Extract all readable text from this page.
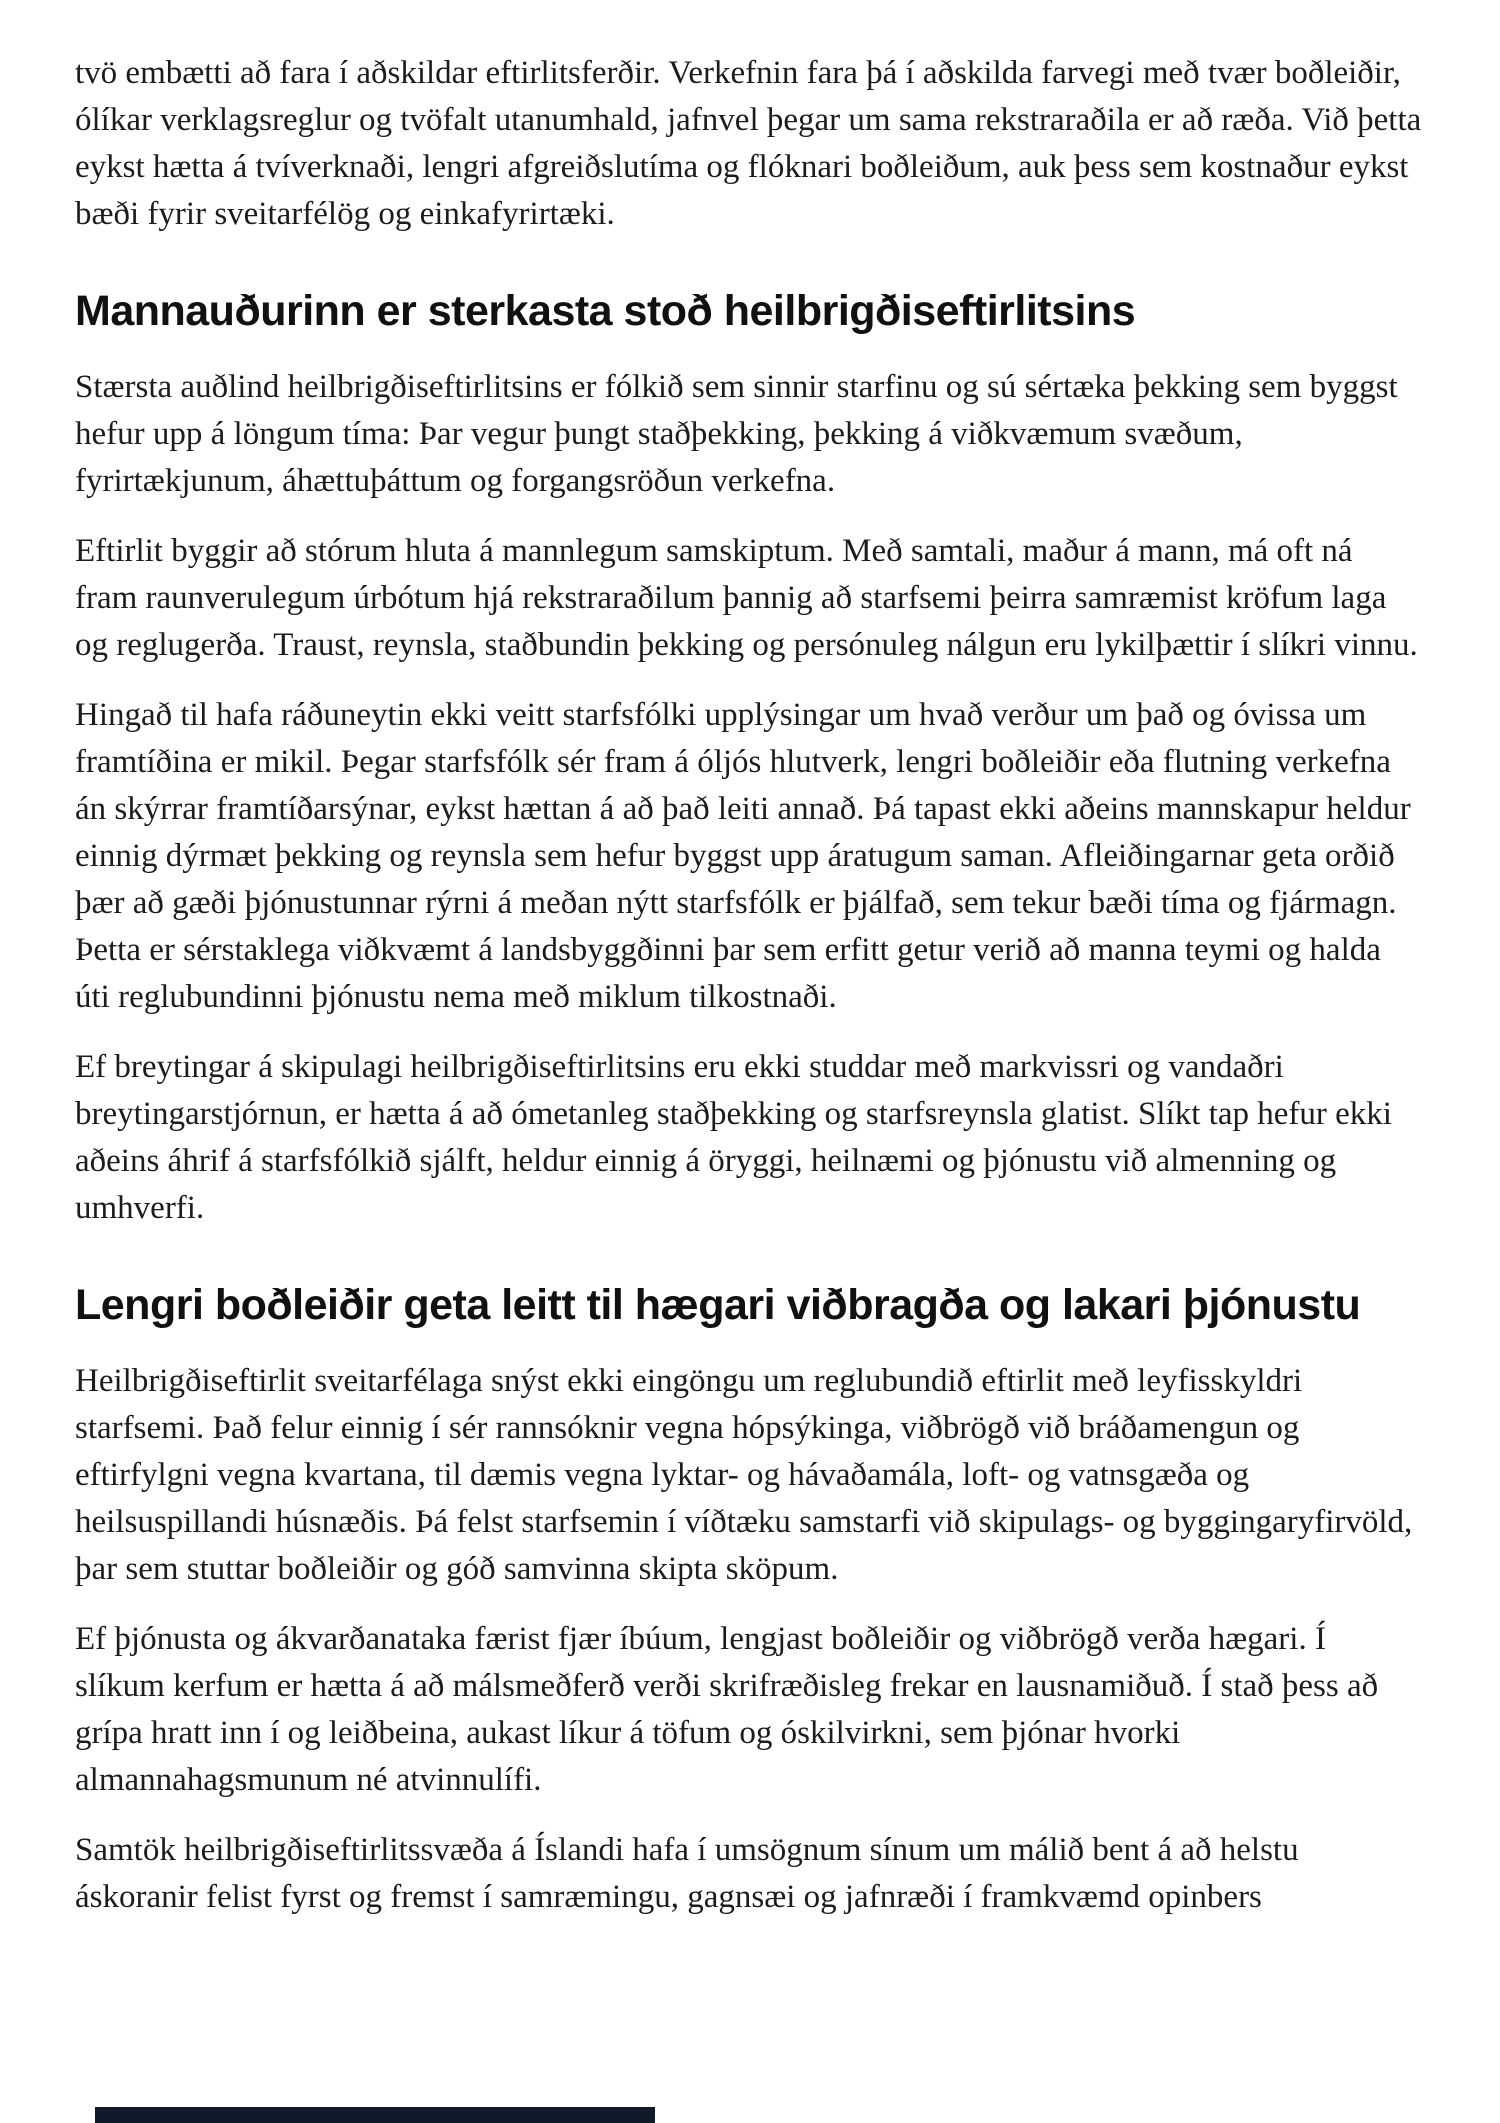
tvö embætti að fara í aðskildar eftirlitsferðir. Verkefnin fara þá í aðskilda farvegi með tvær boðleiðir, ólíkar verklagsreglur og tvöfalt utanumhald, jafnvel þegar um sama rekstraraðila er að ræða. Við þetta eykst hætta á tvíverknaði, lengri afgreiðslutíma og flóknari boðleiðum, auk þess sem kostnaður eykst bæði fyrir sveitarfélög og einkafyrirtæki.

Mannauðurinn er sterkasta stoð heilbrigðiseftirlitsins

Stærsta auðlind heilbrigðiseftirlitsins er fólkið sem sinnir starfinu og sú sértæka þekking sem byggst hefur upp á löngum tíma: Þar vegur þungt staðþekking, þekking á viðkvæmum svæðum, fyrirtækjunum, áhættuþáttum og forgangsröðun verkefna.

Eftirlit byggir að stórum hluta á mannlegum samskiptum. Með samtali, maður á mann, má oft ná fram raunverulegum úrbótum hjá rekstraraðilum þannig að starfsemi þeirra samræmist kröfum laga og reglugerða. Traust, reynsla, staðbundin þekking og persónuleg nálgun eru lykilþættir í slíkri vinnu.

Hingað til hafa ráðuneytin ekki veitt starfsfólki upplýsingar um hvað verður um það og óvissa um framtíðina er mikil. Þegar starfsfólk sér fram á óljós hlutverk, lengri boðleiðir eða flutning verkefna án skýrrar framtíðarsýnar, eykst hættan á að það leiti annað. Þá tapast ekki aðeins mannskapur heldur einnig dýrmæt þekking og reynsla sem hefur byggst upp áratugum saman. Afleiðingarnar geta orðið þær að gæði þjónustunnar rýrni á meðan nýtt starfsfólk er þjálfað, sem tekur bæði tíma og fjármagn. Þetta er sérstaklega viðkvæmt á landsbyggðinni þar sem erfitt getur verið að manna teymi og halda úti reglubundinni þjónustu nema með miklum tilkostnaði.

Ef breytingar á skipulagi heilbrigðiseftirlitsins eru ekki studdar með markvissri og vandaðri breytingarstjórnun, er hætta á að ómetanleg staðþekking og starfsreynsla glatist. Slíkt tap hefur ekki aðeins áhrif á starfsfólkið sjálft, heldur einnig á öryggi, heilnæmi og þjónustu við almenning og umhverfi.

Lengri boðleiðir geta leitt til hægari viðbragða og lakari þjónustu

Heilbrigðiseftirlit sveitarfélaga snýst ekki eingöngu um reglubundið eftirlit með leyfisskyldri starfsemi. Það felur einnig í sér rannsóknir vegna hópsýkinga, viðbrögð við bráðamengun og eftirfylgni vegna kvartana, til dæmis vegna lyktar- og hávaðamála, loft- og vatnsgæða og heilsuspillandi húsnæðis. Þá felst starfsemin í víðtæku samstarfi við skipulags- og byggingaryfirvöld, þar sem stuttar boðleiðir og góð samvinna skipta sköpum.

Ef þjónusta og ákvarðanataka færist fjær íbúum, lengjast boðleiðir og viðbrögð verða hægari. Í slíkum kerfum er hætta á að málsmeðferð verði skrifræðisleg frekar en lausnamiðuð. Í stað þess að grípa hratt inn í og leiðbeina, aukast líkur á töfum og óskilvirkni, sem þjónar hvorki almannahagsmunum né atvinnulífi.

Samtök heilbrigðiseftirlitssvæða á Íslandi hafa í umsögnum sínum um málið bent á að helstu áskoranir felist fyrst og fremst í samræmingu, gagnsæi og jafnræði í framkvæmd opinbers
